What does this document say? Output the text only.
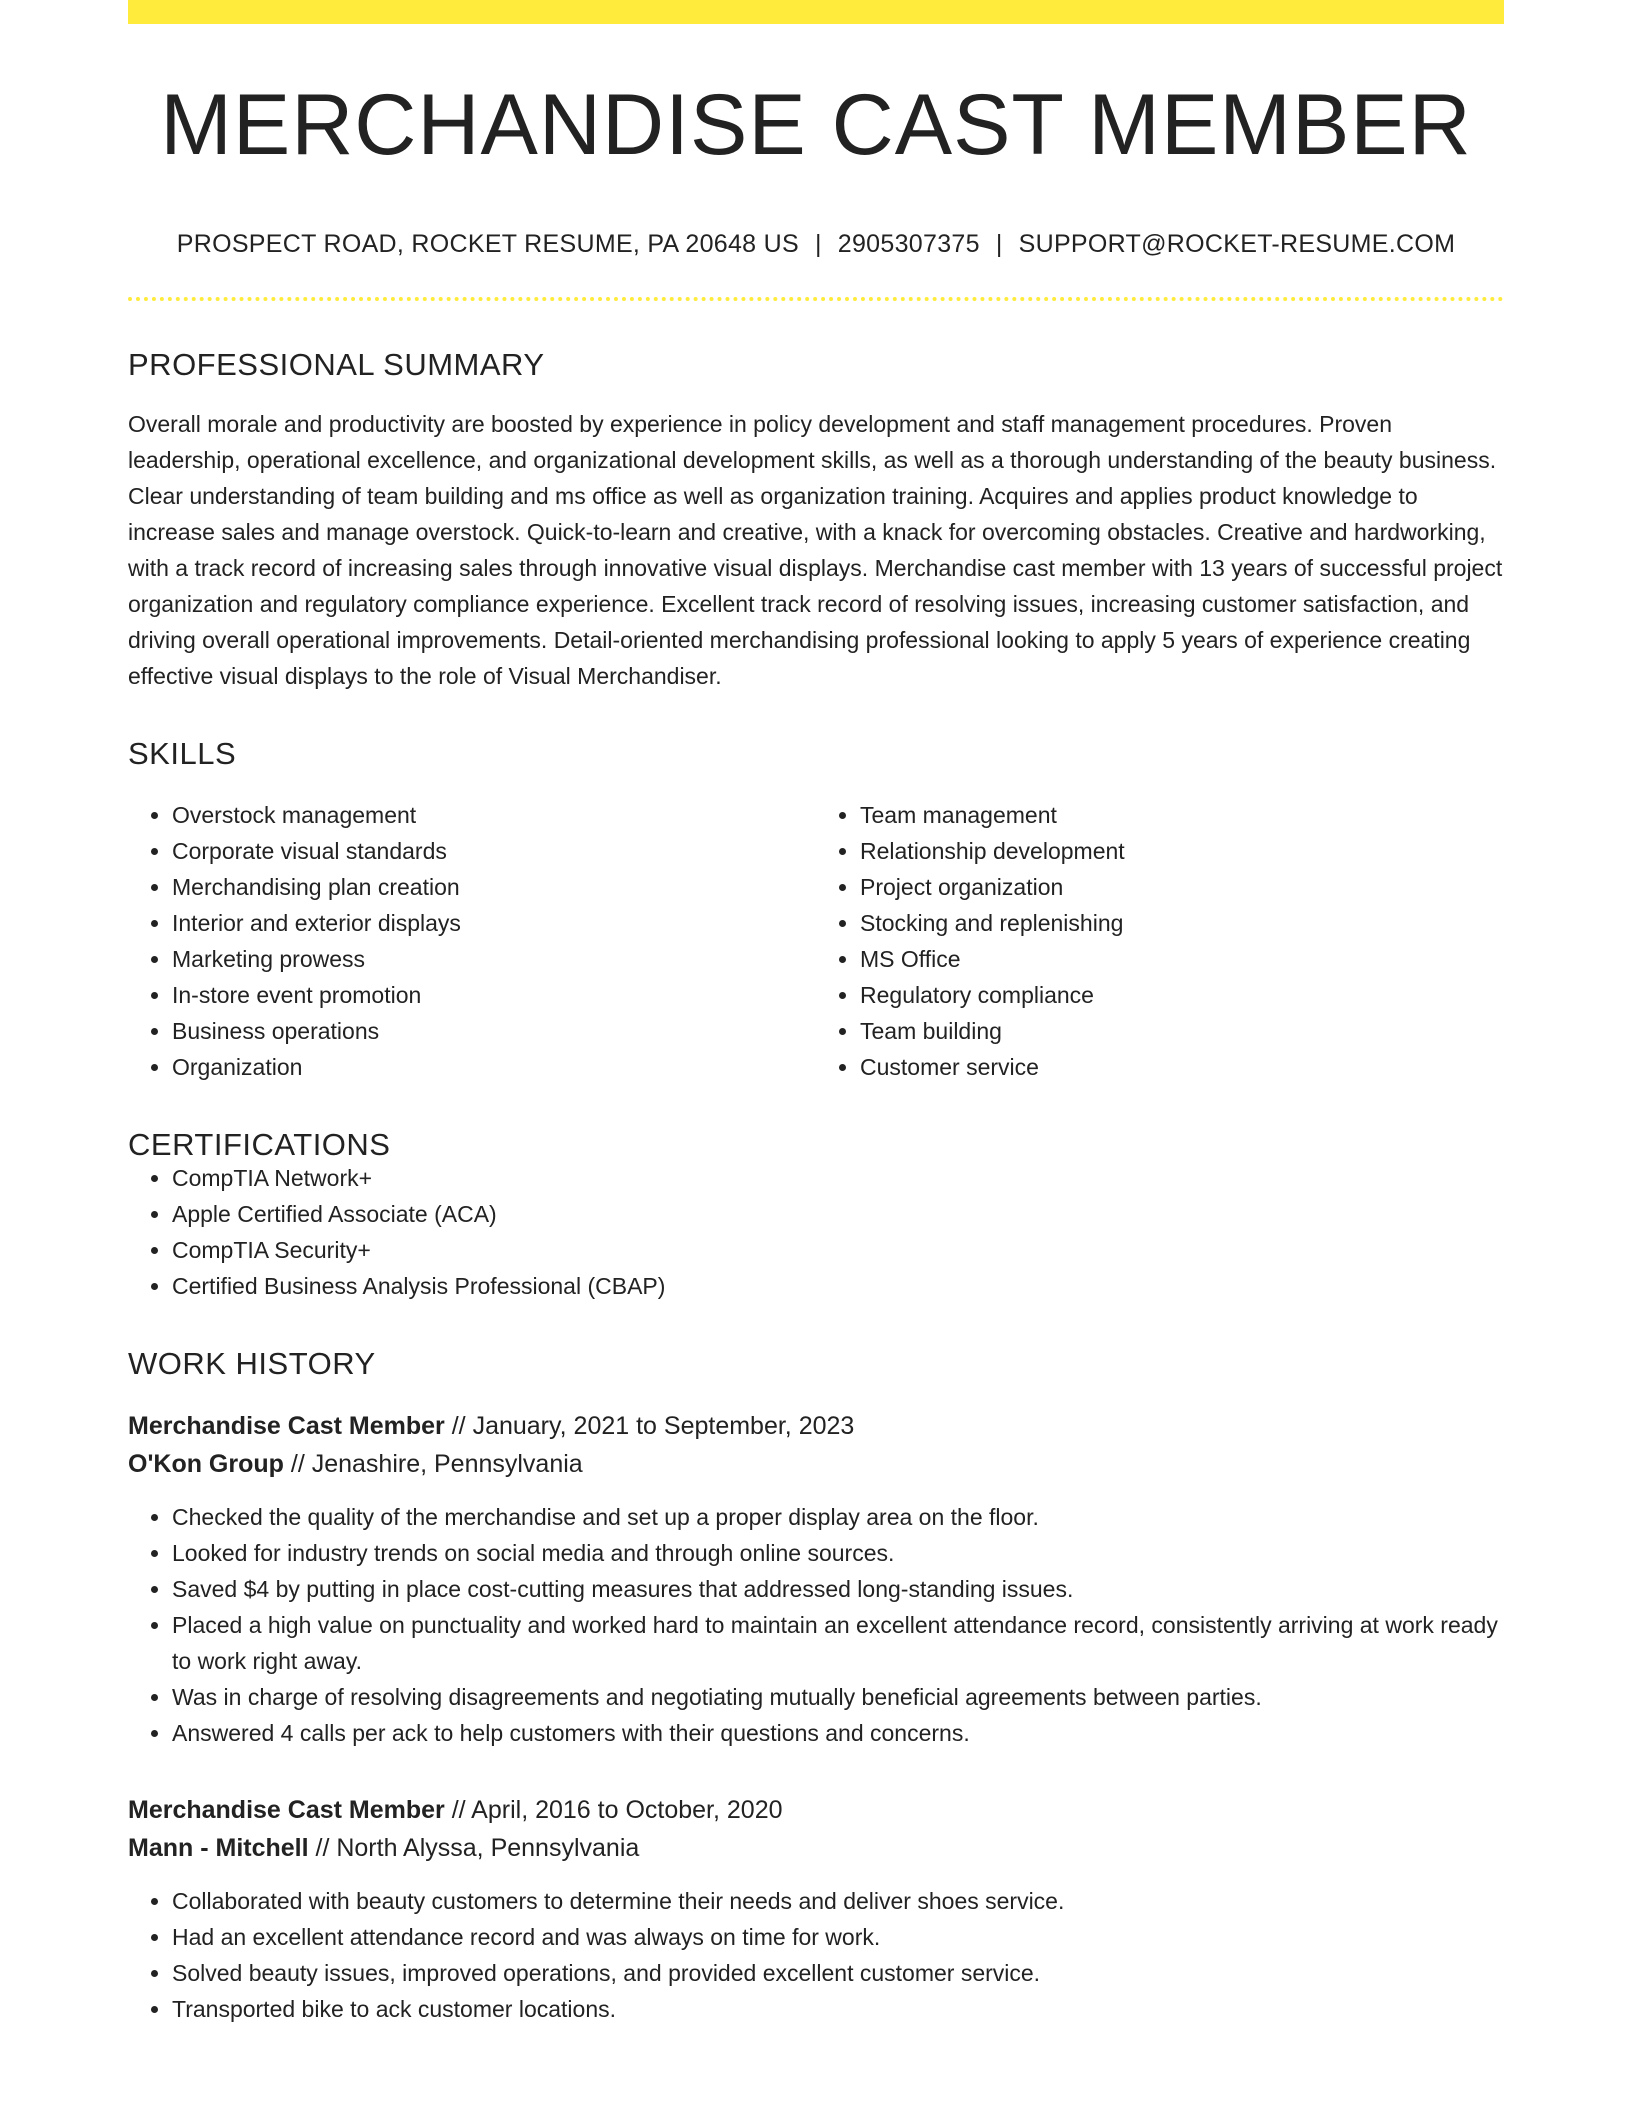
MERCHANDISE CAST MEMBER
PROSPECT ROAD, ROCKET RESUME, PA 20648 US | 2905307375 | SUPPORT@ROCKET-RESUME.COM
PROFESSIONAL SUMMARY

Overall morale and productivity are boosted by experience in policy development and staff management procedures. Proven leadership, operational excellence, and organizational development skills, as well as a thorough understanding of the beauty business. Clear understanding of team building and ms office as well as organization training. Acquires and applies product knowledge to increase sales and manage overstock. Quick-to-learn and creative, with a knack for overcoming obstacles. Creative and hardworking, with a track record of increasing sales through innovative visual displays. Merchandise cast member with 13 years of successful project organization and regulatory compliance experience. Excellent track record of resolving issues, increasing customer satisfaction, and driving overall operational improvements. Detail-oriented merchandising professional looking to apply 5 years of experience creating effective visual displays to the role of Visual Merchandiser.

SKILLS
• Overstock management
• Corporate visual standards
• Merchandising plan creation
• Interior and exterior displays
• Marketing prowess
• In-store event promotion
• Business operations
• Organization
• Team management
• Relationship development
• Project organization
• Stocking and replenishing
• MS Office
• Regulatory compliance
• Team building
• Customer service
CERTIFICATIONS
• CompTIA Network+
• Apple Certified Associate (ACA)
• CompTIA Security+
• Certified Business Analysis Professional (CBAP)
WORK HISTORY
Merchandise Cast Member // January, 2021 to September, 2023
O'Kon Group // Jenashire, Pennsylvania
• Checked the quality of the merchandise and set up a proper display area on the floor.
• Looked for industry trends on social media and through online sources.
• Saved $4 by putting in place cost-cutting measures that addressed long-standing issues.
• Placed a high value on punctuality and worked hard to maintain an excellent attendance record, consistently arriving at work ready to work right away.
• Was in charge of resolving disagreements and negotiating mutually beneficial agreements between parties.
• Answered 4 calls per ack to help customers with their questions and concerns.
Merchandise Cast Member // April, 2016 to October, 2020
Mann - Mitchell // North Alyssa, Pennsylvania
• Collaborated with beauty customers to determine their needs and deliver shoes service.
• Had an excellent attendance record and was always on time for work.
• Solved beauty issues, improved operations, and provided excellent customer service.
• Transported bike to ack customer locations.
